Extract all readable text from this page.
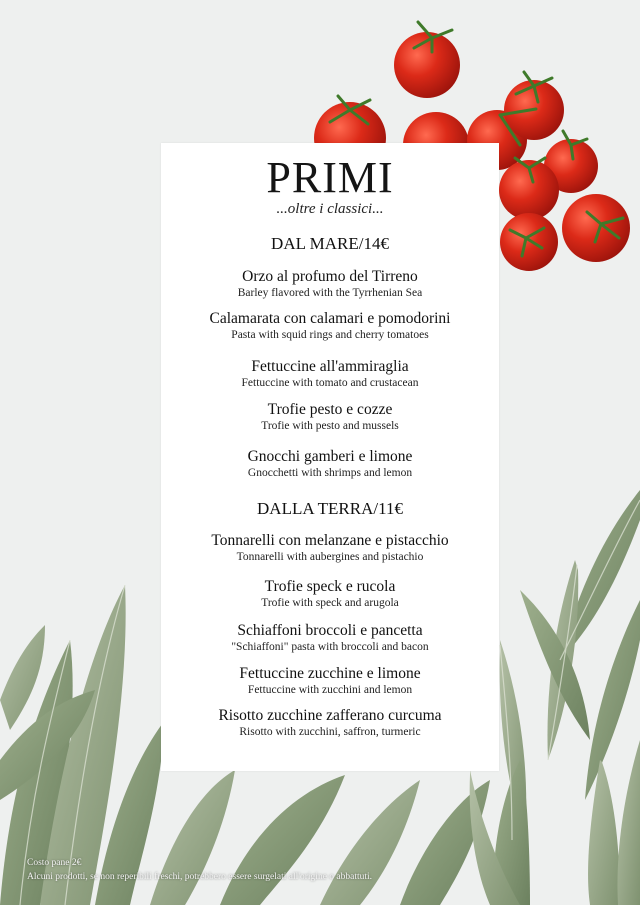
PRIMI
...oltre i classici...
DAL MARE/14€
Orzo al profumo del Tirreno
Barley flavored with the Tyrrhenian Sea
Calamarata con calamari e pomodorini
Pasta with squid rings and cherry tomatoes
Fettuccine all'ammiraglia
Fettuccine with tomato and crustacean
Trofie pesto e cozze
Trofie with pesto and mussels
Gnocchi gamberi e limone
Gnocchetti with shrimps and lemon
DALLA TERRA/11€
Tonnarelli con melanzane e pistacchio
Tonnarelli with aubergines and pistachio
Trofie speck e rucola
Trofie with speck and arugola
Schiaffoni broccoli e pancetta
"Schiaffoni" pasta with broccoli and bacon
Fettuccine zucchine e limone
Fettuccine with zucchini and lemon
Risotto zucchine zafferano curcuma
Risotto with zucchini, saffron, turmeric
Costo pane 2€
Alcuni prodotti, se non reperibili freschi, potrebbero essere surgelati all'origine o abbattuti.
